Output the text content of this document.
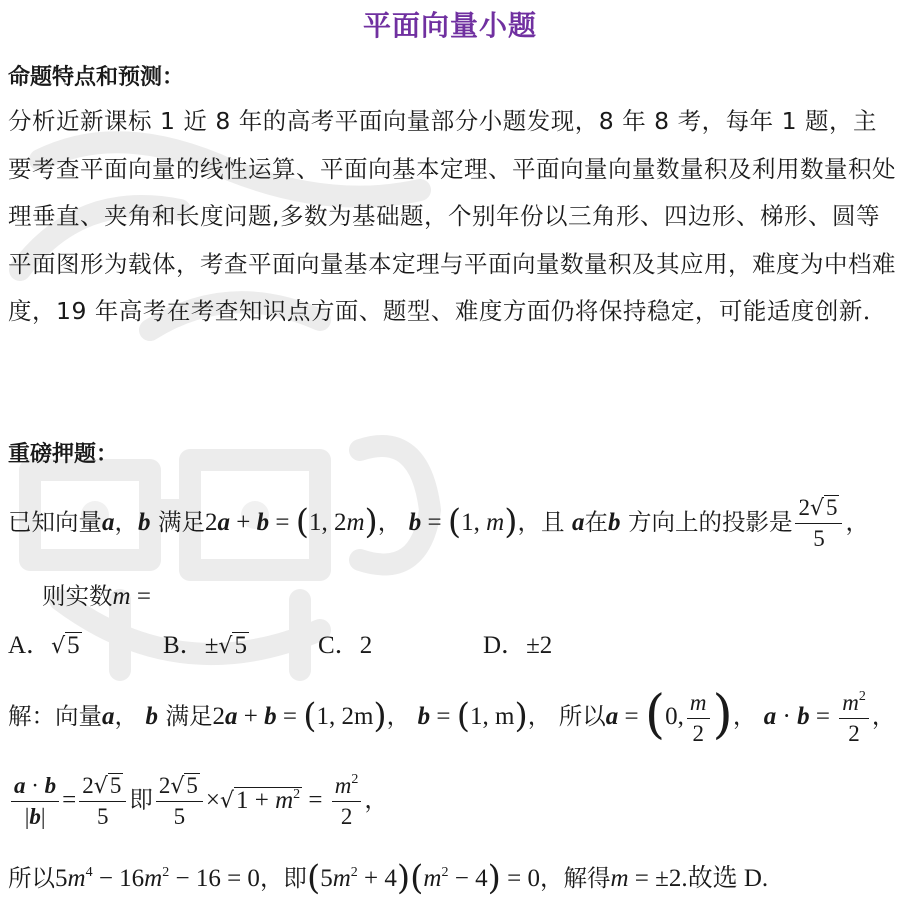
平面向量小题
命题特点和预测：
分析近新课标 1 近 8 年的高考平面向量部分小题发现，8 年 8 考，每年 1 题，主要考查平面向量的线性运算、平面向基本定理、平面向量向量数量积及利用数量积处理垂直、夹角和长度问题,多数为基础题，个别年份以三角形、四边形、梯形、圆等平面图形为载体，考查平面向量基本定理与平面向量数量积及其应用，难度为中档难度，19 年高考在考查知识点方面、题型、难度方面仍将保持稳定，可能适度创新．
重磅押题：
已知向量a，b 满足2a + b = (1, 2m)， b = (1, m)，且 a在b 方向上的投影是 $\frac{2√5}{5}$ ，
则实数m =
A．√5	B．±√5	C．2	D．±2
解：向量a， b 满足2a + b = (1, 2m)， b = (1, m)， 所以a = (0, $\frac{m}{2}$ )， $a \cdot b = \frac{m^2}{2}$ ，
$\frac{a \cdot b}{|b|} = \frac{2√5}{5}$ 即 $\frac{2√5}{5} \times√1 + m^2 = \frac{m^2}{2}$ ，
所以$5m^4 - 16m^2 - 16 = 0$，即$(5m^2 + 4)(m^2 - 4) = 0$，解得m = ±2.故选 D.
